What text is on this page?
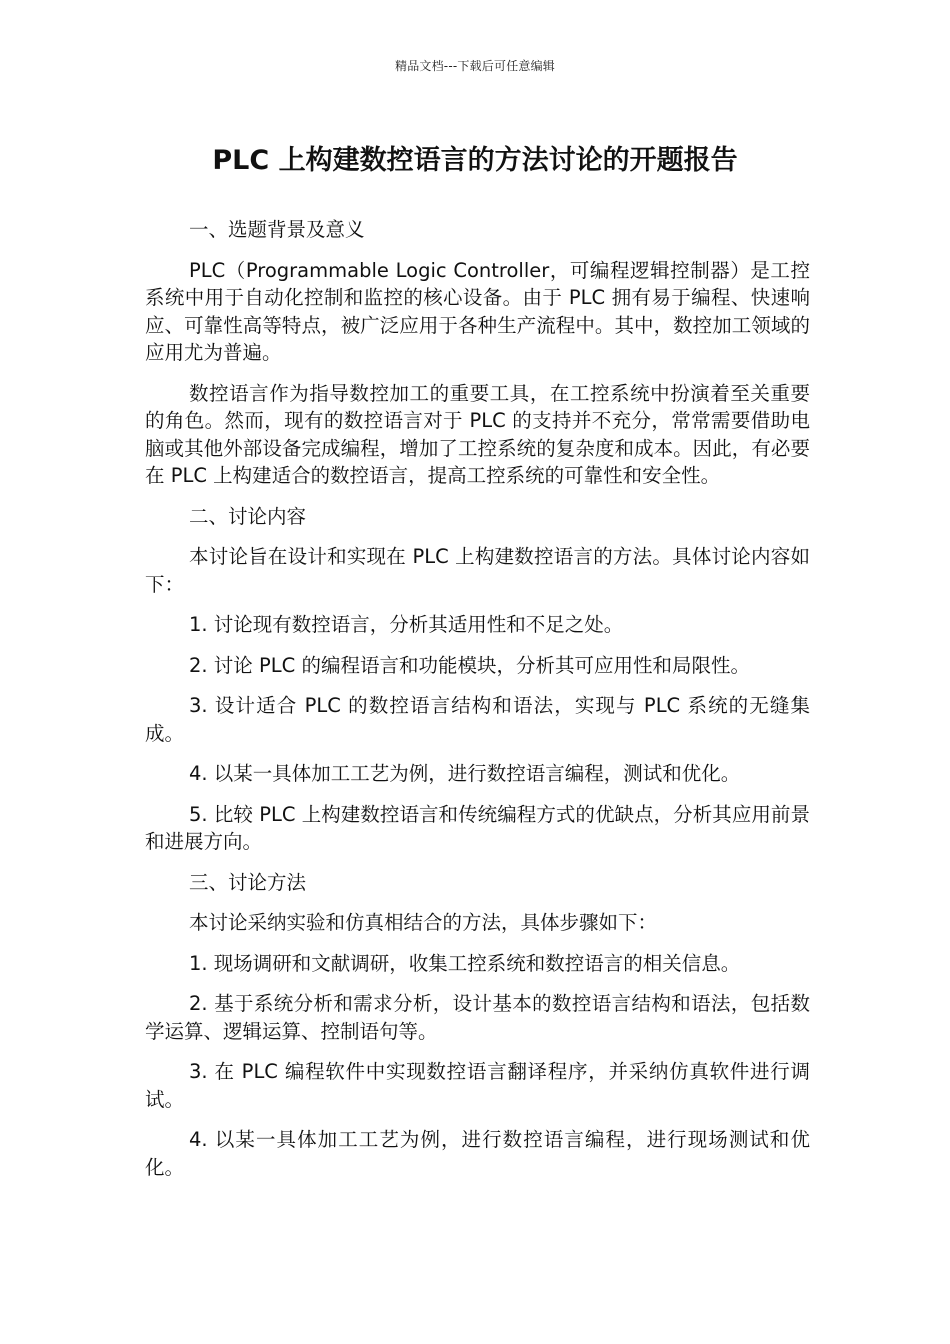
精品文档---下载后可任意编辑
PLC 上构建数控语言的方法讨论的开题报告

一、选题背景及意义

PLC（Programmable Logic Controller，可编程逻辑控制器）是工控系统中用于自动化控制和监控的核心设备。由于 PLC 拥有易于编程、快速响应、可靠性高等特点，被广泛应用于各种生产流程中。其中，数控加工领域的应用尤为普遍。

数控语言作为指导数控加工的重要工具，在工控系统中扮演着至关重要的角色。然而，现有的数控语言对于 PLC 的支持并不充分，常常需要借助电脑或其他外部设备完成编程，增加了工控系统的复杂度和成本。因此，有必要在 PLC 上构建适合的数控语言，提高工控系统的可靠性和安全性。

二、讨论内容

本讨论旨在设计和实现在 PLC 上构建数控语言的方法。具体讨论内容如下：

1. 讨论现有数控语言，分析其适用性和不足之处。

2. 讨论 PLC 的编程语言和功能模块，分析其可应用性和局限性。

3. 设计适合 PLC 的数控语言结构和语法，实现与 PLC 系统的无缝集成。

4. 以某一具体加工工艺为例，进行数控语言编程，测试和优化。

5. 比较 PLC 上构建数控语言和传统编程方式的优缺点，分析其应用前景和进展方向。

三、讨论方法

本讨论采纳实验和仿真相结合的方法，具体步骤如下：

1. 现场调研和文献调研，收集工控系统和数控语言的相关信息。

2. 基于系统分析和需求分析，设计基本的数控语言结构和语法，包括数学运算、逻辑运算、控制语句等。

3. 在 PLC 编程软件中实现数控语言翻译程序，并采纳仿真软件进行调试。

4. 以某一具体加工工艺为例，进行数控语言编程，进行现场测试和优化。
